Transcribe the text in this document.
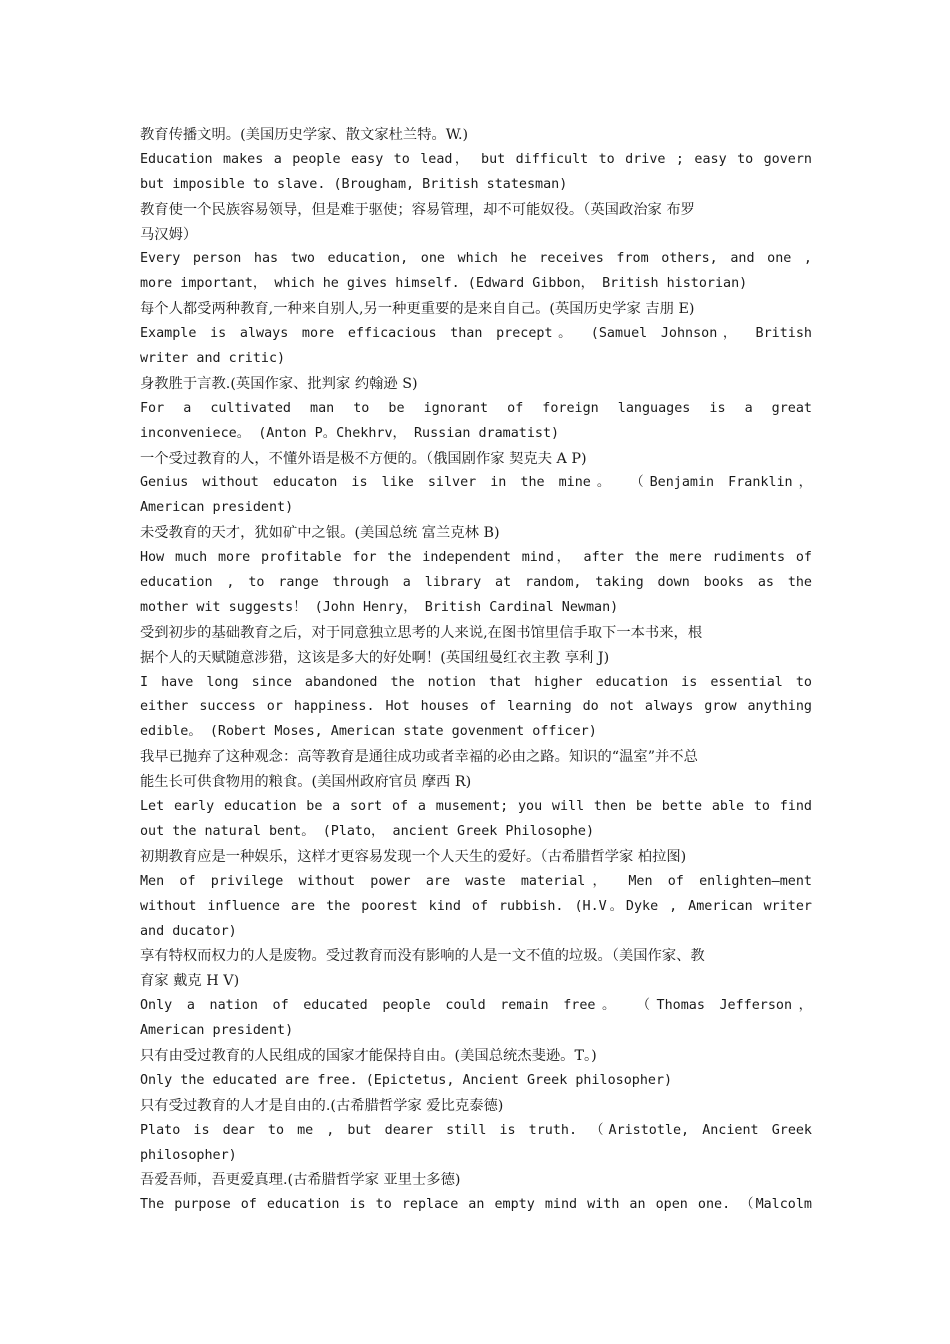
教育传播文明。(美国历史学家、散文家杜兰特。W.)
Education makes a people easy to lead， but difficult to drive ; easy to govern
but imposible to slave. (Brougham, British statesman)
教育使一个民族容易领导，但是难于驱使；容易管理，却不可能奴役。（英国政治家 布罗
马汉姆）
Every person has two education, one which he receives from others, and one ,
more important， which he gives himself. (Edward Gibbon， British historian)
每个人都受两种教育,一种来自别人,另一种更重要的是来自自己。(英国历史学家 吉朋 E)
Example is always more efficacious than precept。 (Samuel Johnson， British
writer and critic)
身教胜于言教.(英国作家、批判家 约翰逊 S)
For a cultivated man to be ignorant of foreign languages is a great
inconveniece。 (Anton P。Chekhrv， Russian dramatist)
一个受过教育的人，不懂外语是极不方便的。（俄国剧作家 契克夫 A P)
Genius without educaton is like silver in the mine。 （Benjamin Franklin，
American president)
未受教育的天才，犹如矿中之银。(美国总统 富兰克林 B)
How much more profitable for the independent mind， after the mere rudiments of
education , to range through a library at random, taking down books as the
mother wit suggests！ (John Henry， British Cardinal Newman)
受到初步的基础教育之后，对于同意独立思考的人来说,在图书馆里信手取下一本书来，根
据个人的天赋随意涉猎，这该是多大的好处啊！(英国纽曼红衣主教 享利 J)
I have long since abandoned the notion that higher education is essential to
either success or happiness. Hot houses of learning do not always grow anything
edible。 (Robert Moses, American state govenment officer)
我早已抛弃了这种观念：高等教育是通往成功或者幸福的必由之路。知识的“温室”并不总
能生长可供食物用的粮食。(美国州政府官员 摩西 R)
Let early education be a sort of a musement; you will then be bette able to find
out the natural bent。 (Plato， ancient Greek Philosophe)
初期教育应是一种娱乐，这样才更容易发现一个人天生的爱好。（古希腊哲学家 柏拉图)
Men of privilege without power are waste material， Men of enlighten—ment
without influence are the poorest kind of rubbish. (H.V。Dyke , American writer
and ducator)
享有特权而权力的人是废物。受过教育而没有影响的人是一文不值的垃圾。（美国作家、教
育家 戴克 H V)
Only a nation of educated people could remain free。 （Thomas Jefferson，
American president)
只有由受过教育的人民组成的国家才能保持自由。(美国总统杰斐逊。T。)
Only the educated are free. (Epictetus, Ancient Greek philosopher)
只有受过教育的人才是自由的.(古希腊哲学家 爱比克泰德)
Plato is dear to me , but dearer still is truth. （Aristotle, Ancient Greek
philosopher)
吾爱吾师，吾更爱真理.(古希腊哲学家 亚里士多德)
The purpose of education is to replace an empty mind with an open one. （Malcolm
